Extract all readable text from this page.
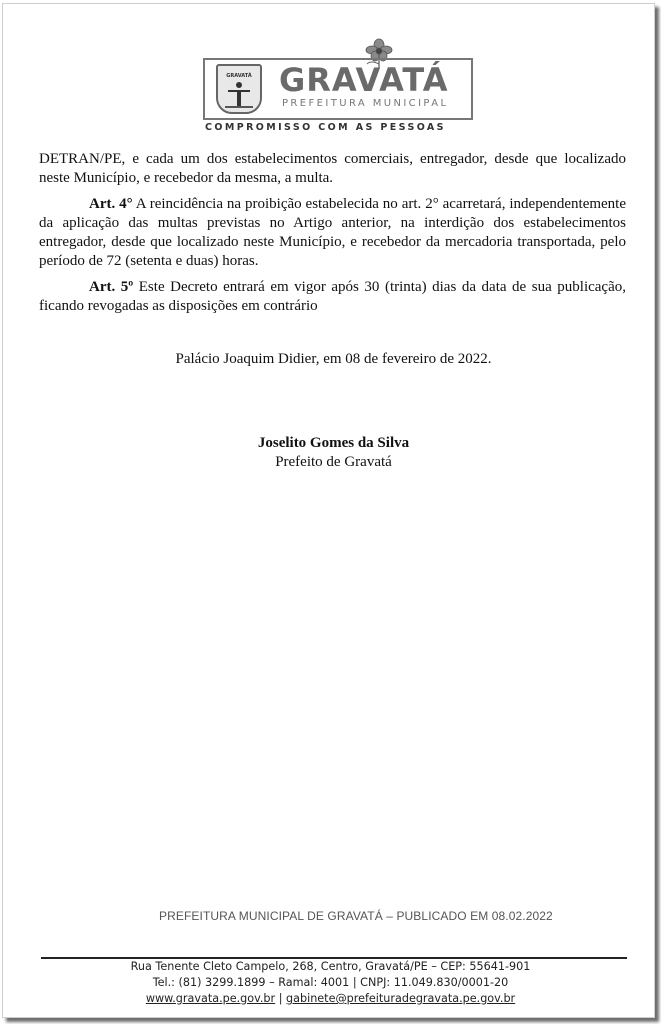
GRAVATÁ GRAVATÁ
PREFEITURA MUNICIPAL
COMPROMISSO COM AS PESSOAS

DETRAN/PE, e cada um dos estabelecimentos comerciais, entregador, desde que localizado neste Município, e recebedor da mesma, a multa.

Art. 4° A reincidência na proibição estabelecida no art. 2° acarretará, independentemente da aplicação das multas previstas no Artigo anterior, na interdição dos estabelecimentos entregador, desde que localizado neste Município, e recebedor da mercadoria transportada, pelo período de 72 (setenta e duas) horas.

Art. 5º Este Decreto entrará em vigor após 30 (trinta) dias da data de sua publicação, ficando revogadas as disposições em contrário

Palácio Joaquim Didier, em 08 de fevereiro de 2022.
Joselito Gomes da Silva
Prefeito de Gravatá
PREFEITURA MUNICIPAL DE GRAVATÁ – PUBLICADO EM 08.02.2022
Rua Tenente Cleto Campelo, 268, Centro, Gravatá/PE – CEP: 55641-901
Tel.: (81) 3299.1899 – Ramal: 4001 | CNPJ: 11.049.830/0001-20
www.gravata.pe.gov.br | gabinete@prefeituradegravata.pe.gov.br
